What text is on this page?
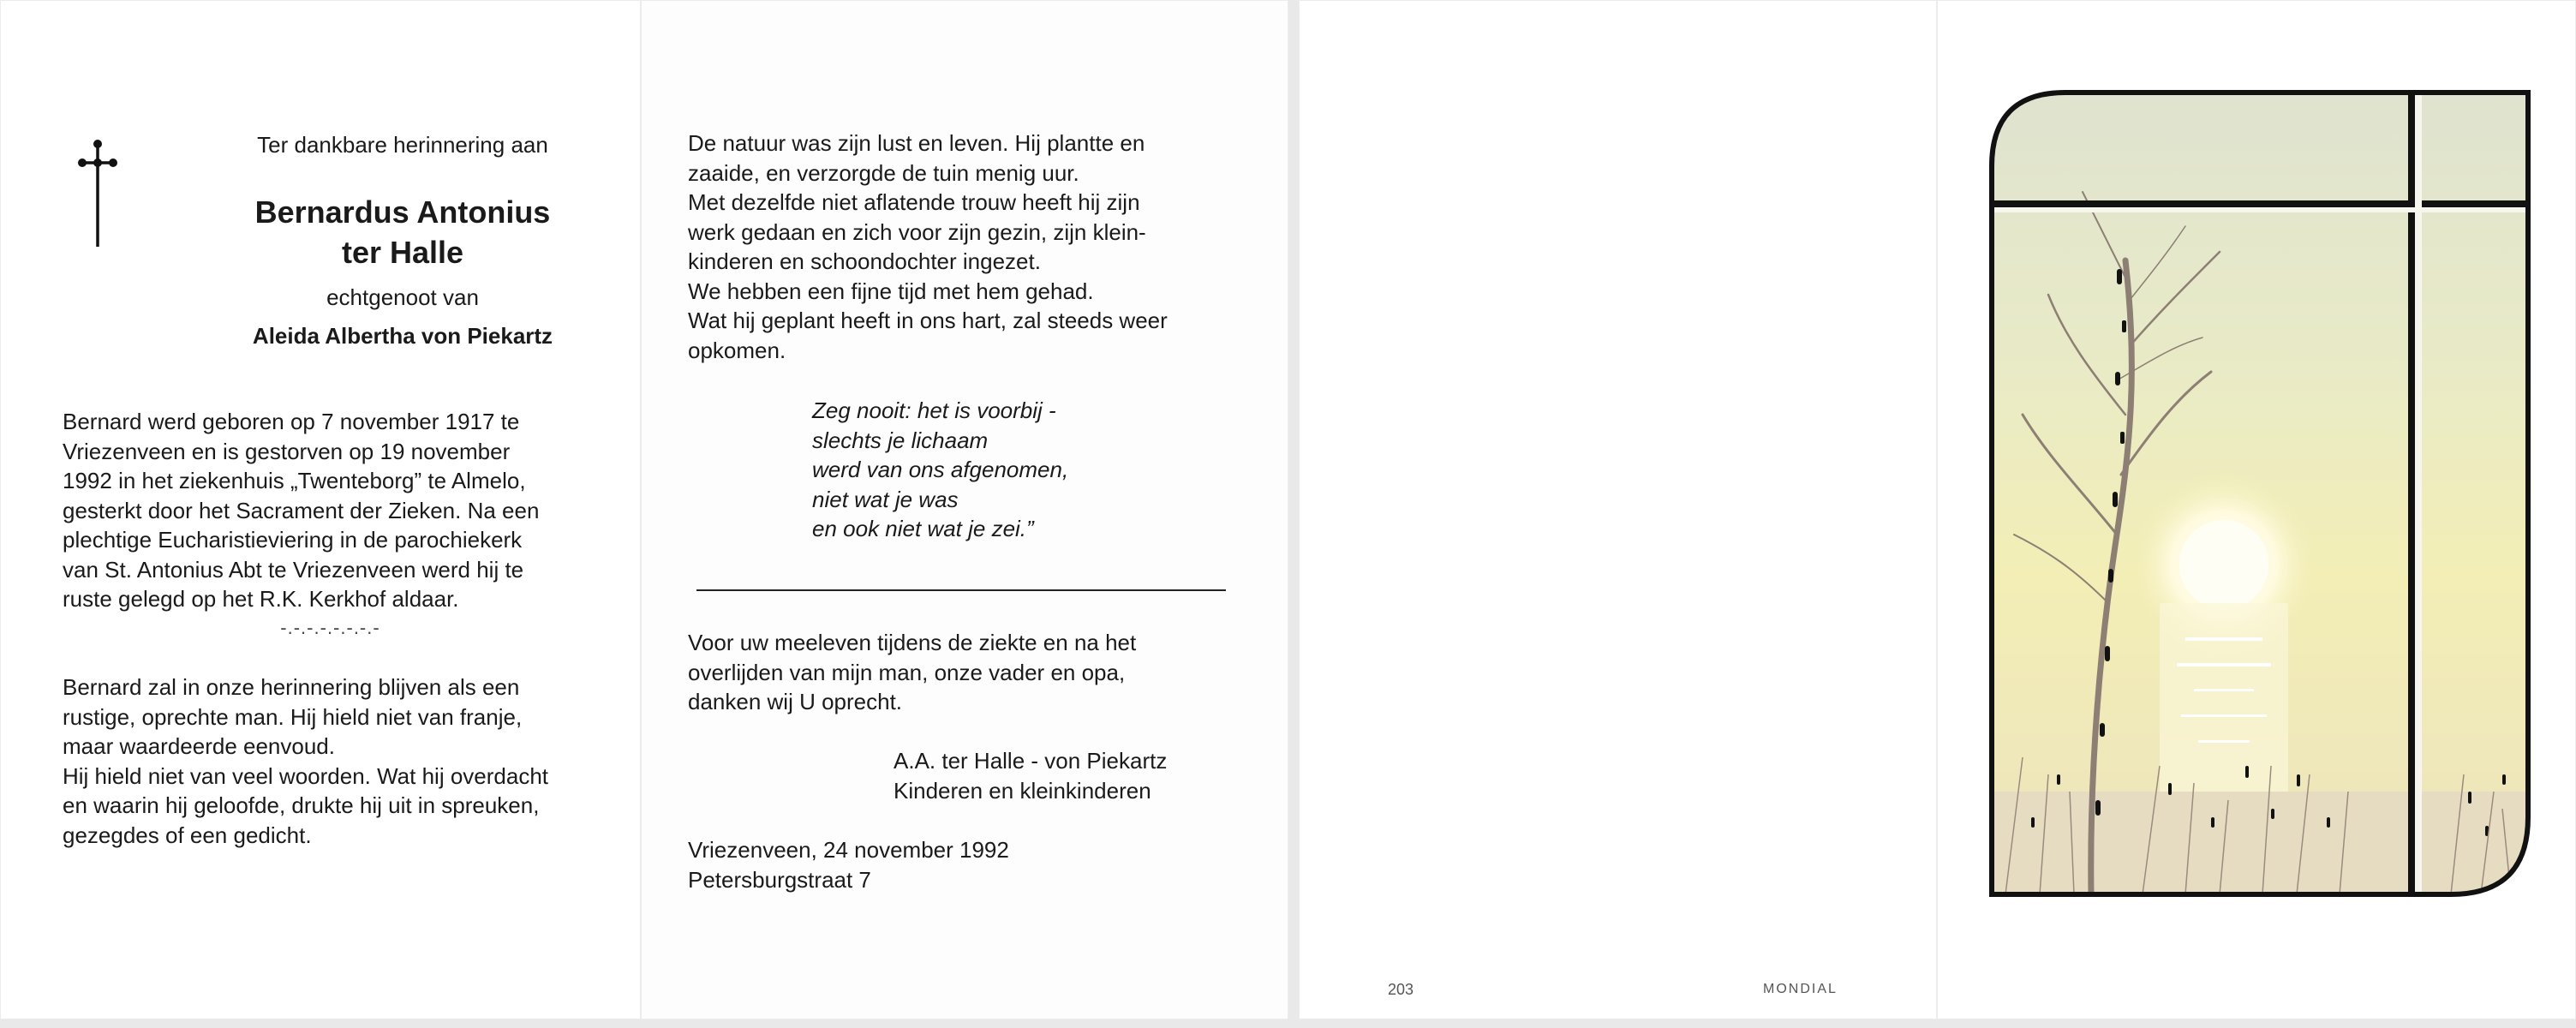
Ter dankbare herinnering aan
Bernardus Antonius
ter Halle
echtgenoot van
Aleida Albertha von Piekartz
Bernard werd geboren op 7 november 1917 te
Vriezenveen en is gestorven op 19 november
1992 in het ziekenhuis „Twenteborg” te Almelo,
gesterkt door het Sacrament der Zieken. Na een
plechtige Eucharistieviering in de parochiekerk
van St. Antonius Abt te Vriezenveen werd hij te
ruste gelegd op het R.K. Kerkhof aldaar.
-.-.-.-.-.-.-.-
Bernard zal in onze herinnering blijven als een
rustige, oprechte man. Hij hield niet van franje,
maar waardeerde eenvoud.
Hij hield niet van veel woorden. Wat hij overdacht
en waarin hij geloofde, drukte hij uit in spreuken,
gezegdes of een gedicht.
De natuur was zijn lust en leven. Hij plantte en
zaaide, en verzorgde de tuin menig uur.
Met dezelfde niet aflatende trouw heeft hij zijn
werk gedaan en zich voor zijn gezin, zijn klein-
kinderen en schoondochter ingezet.
We hebben een fijne tijd met hem gehad.
Wat hij geplant heeft in ons hart, zal steeds weer
opkomen.
Zeg nooit: het is voorbij -
slechts je lichaam
werd van ons afgenomen,
niet wat je was
en ook niet wat je zei.”
Voor uw meeleven tijdens de ziekte en na het
overlijden van mijn man, onze vader en opa,
danken wij U oprecht.
A.A. ter Halle - von Piekartz
Kinderen en kleinkinderen
Vriezenveen, 24 november 1992
Petersburgstraat 7
203	MONDIAL
